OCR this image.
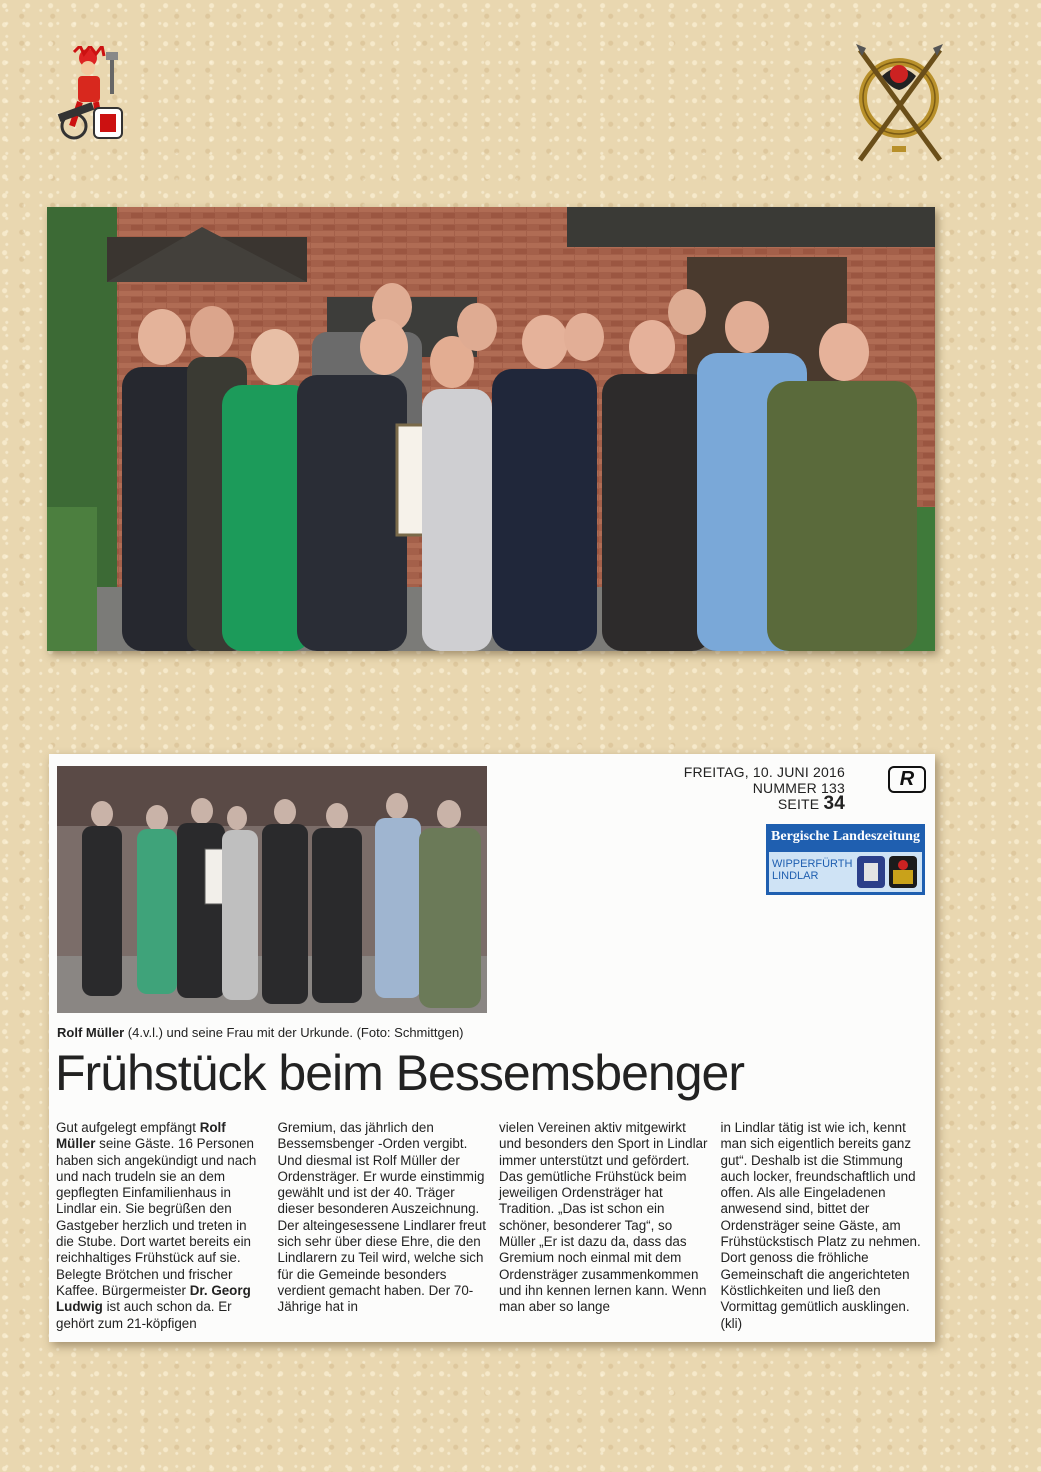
FREITAG, 10. JUNI 2016
NUMMER 133
SEITE 34
R
Bergische Landeszeitung
WIPPERFÜRTH
LINDLAR
Rolf Müller (4.v.l.) und seine Frau mit der Urkunde. (Foto: Schmittgen)
Frühstück beim Bessemsbenger
Gut aufgelegt empfängt Rolf Müller seine Gäste. 16 Personen haben sich angekündigt und nach und nach trudeln sie an dem gepflegten Einfamilienhaus in Lindlar ein. Sie begrüßen den Gastgeber herzlich und treten in die Stube. Dort wartet bereits ein reichhaltiges Frühstück auf sie. Belegte Brötchen und frischer Kaffee. Bürgermeister Dr. Georg Ludwig ist auch schon da. Er gehört zum 21-köpfigen
Gremium, das jährlich den Bessemsbenger -Orden vergibt. Und diesmal ist Rolf Müller der Ordensträger. Er wurde einstimmig gewählt und ist der 40. Träger dieser besonderen Auszeichnung. Der alteingesessene Lindlarer freut sich sehr über diese Ehre, die den Lindlarern zu Teil wird, welche sich für die Gemeinde besonders verdient gemacht haben. Der 70-Jährige hat in
vielen Vereinen aktiv mitgewirkt und besonders den Sport in Lindlar immer unterstützt und gefördert. Das gemütliche Frühstück beim jeweiligen Ordensträger hat Tradition. „Das ist schon ein schöner, besonderer Tag“, so Müller „Er ist dazu da, dass das Gremium noch einmal mit dem Ordensträger zusammenkommen und ihn kennen lernen kann. Wenn man aber so lange
in Lindlar tätig ist wie ich, kennt man sich eigentlich bereits ganz gut“. Deshalb ist die Stimmung auch locker, freundschaftlich und offen. Als alle Eingeladenen anwesend sind, bittet der Ordensträger seine Gäste, am Frühstückstisch Platz zu nehmen. Dort genoss die fröhliche Gemeinschaft die angerichteten Köstlichkeiten und ließ den Vormittag gemütlich ausklingen. (kli)
